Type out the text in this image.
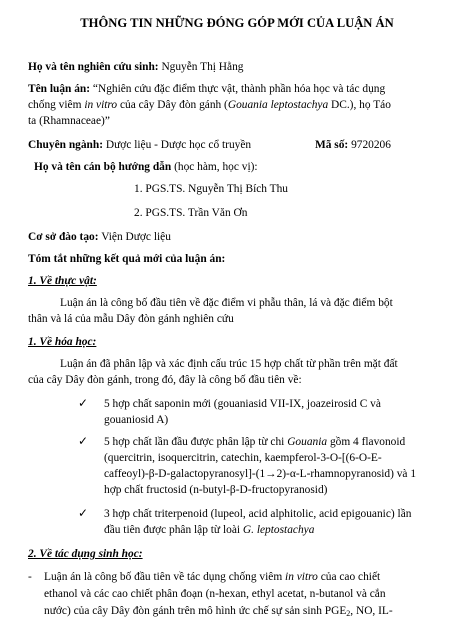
THÔNG TIN NHỮNG ĐÓNG GÓP MỚI CỦA LUẬN ÁN
Họ và tên nghiên cứu sinh: Nguyễn Thị Hằng
Tên luận án: “Nghiên cứu đặc điểm thực vật, thành phần hóa học và tác dụng
chống viêm in vitro của cây Dây đòn gánh (Gouania leptostachya DC.), họ Táo
ta (Rhamnaceae)”
Chuyên ngành: Dược liệu - Dược học cổ truyền	Mã số: 9720206
Họ và tên cán bộ hướng dẫn (học hàm, học vị):
1. PGS.TS. Nguyễn Thị Bích Thu
2. PGS.TS. Trần Văn Ơn
Cơ sở đào tạo: Viện Dược liệu
Tóm tắt những kết quả mới của luận án:
1. Về thực vật:
Luận án là công bố đầu tiên về đặc điểm vi phẫu thân, lá và đặc điểm bột
thân và lá của mẫu Dây đòn gánh nghiên cứu
1. Về hóa học:
Luận án đã phân lập và xác định cấu trúc 15 hợp chất từ phần trên mặt đất
của cây Dây đòn gánh, trong đó, đây là công bố đầu tiên về:
✓ 5 hợp chất saponin mới (gouaniasid VII-IX, joazeirosid C và
gouaniosid A)
✓ 5 hợp chất lần đầu được phân lập từ chi Gouania gồm 4 flavonoid
(quercitrin, isoquercitrin, catechin, kaempferol-3-O-[(6-O-E-
caffeoyl)-β-D-galactopyranosyl]-(1→2)-α-L-rhamnopyranosid) và 1
hợp chất fructosid (n-butyl-β-D-fructopyranosid)
✓ 3 hợp chất triterpenoid (lupeol, acid alphitolic, acid epigouanic) lần
đầu tiên được phân lập từ loài G. leptostachya
2. Về tác dụng sinh học:
- Luận án là công bố đầu tiên về tác dụng chống viêm in vitro của cao chiết
ethanol và các cao chiết phân đoạn (n-hexan, ethyl acetat, n-butanol và cắn
nước) của cây Dây đòn gánh trên mô hình ức chế sự sản $\sinh PGE_2$, NO, IL-
